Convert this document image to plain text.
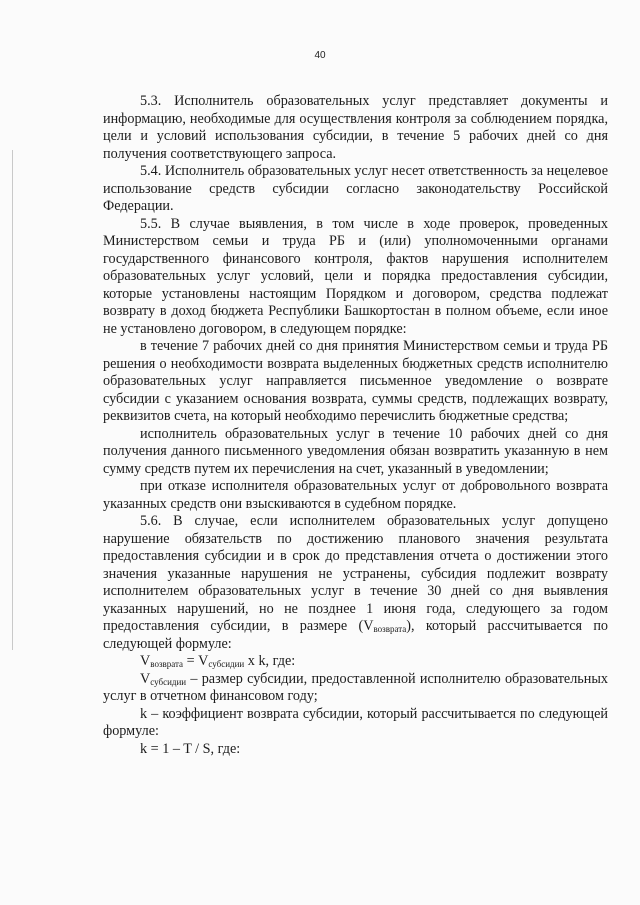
40

5.3. Исполнитель образовательных услуг представляет документы и информацию, необходимые для осуществления контроля за соблюдением порядка, цели и условий использования субсидии, в течение 5 рабочих дней со дня получения соответствующего запроса.

5.4. Исполнитель образовательных услуг несет ответственность за нецелевое использование средств субсидии согласно законодательству Российской Федерации.

5.5. В случае выявления, в том числе в ходе проверок, проведенных Министерством семьи и труда РБ и (или) уполномоченными органами государственного финансового контроля, фактов нарушения исполнителем образовательных услуг условий, цели и порядка предоставления субсидии, которые установлены настоящим Порядком и договором, средства подлежат возврату в доход бюджета Республики Башкортостан в полном объеме, если иное не установлено договором, в следующем порядке:

в течение 7 рабочих дней со дня принятия Министерством семьи и труда РБ решения о необходимости возврата выделенных бюджетных средств исполнителю образовательных услуг направляется письменное уведомление о возврате субсидии с указанием основания возврата, суммы средств, подлежащих возврату, реквизитов счета, на который необходимо перечислить бюджетные средства;

исполнитель образовательных услуг в течение 10 рабочих дней со дня получения данного письменного уведомления обязан возвратить указанную в нем сумму средств путем их перечисления на счет, указанный в уведомлении;

при отказе исполнителя образовательных услуг от добровольного возврата указанных средств они взыскиваются в судебном порядке.

5.6. В случае, если исполнителем образовательных услуг допущено нарушение обязательств по достижению планового значения результата предоставления субсидии и в срок до представления отчета о достижении этого значения указанные нарушения не устранены, субсидия подлежит возврату исполнителем образовательных услуг в течение 30 дней со дня выявления указанных нарушений, но не позднее 1 июня года, следующего за годом предоставления субсидии, в размере $(V_{возврата})$, который рассчитывается по следующей формуле:

$V_{возврата} = V_{субсидии}$ x k, где:

$V_{субсидии}$ – размер субсидии, предоставленной исполнителю образовательных услуг в отчетном финансовом году;

k – коэффициент возврата субсидии, который рассчитывается по следующей формуле:

k = 1 – T / S, где:
